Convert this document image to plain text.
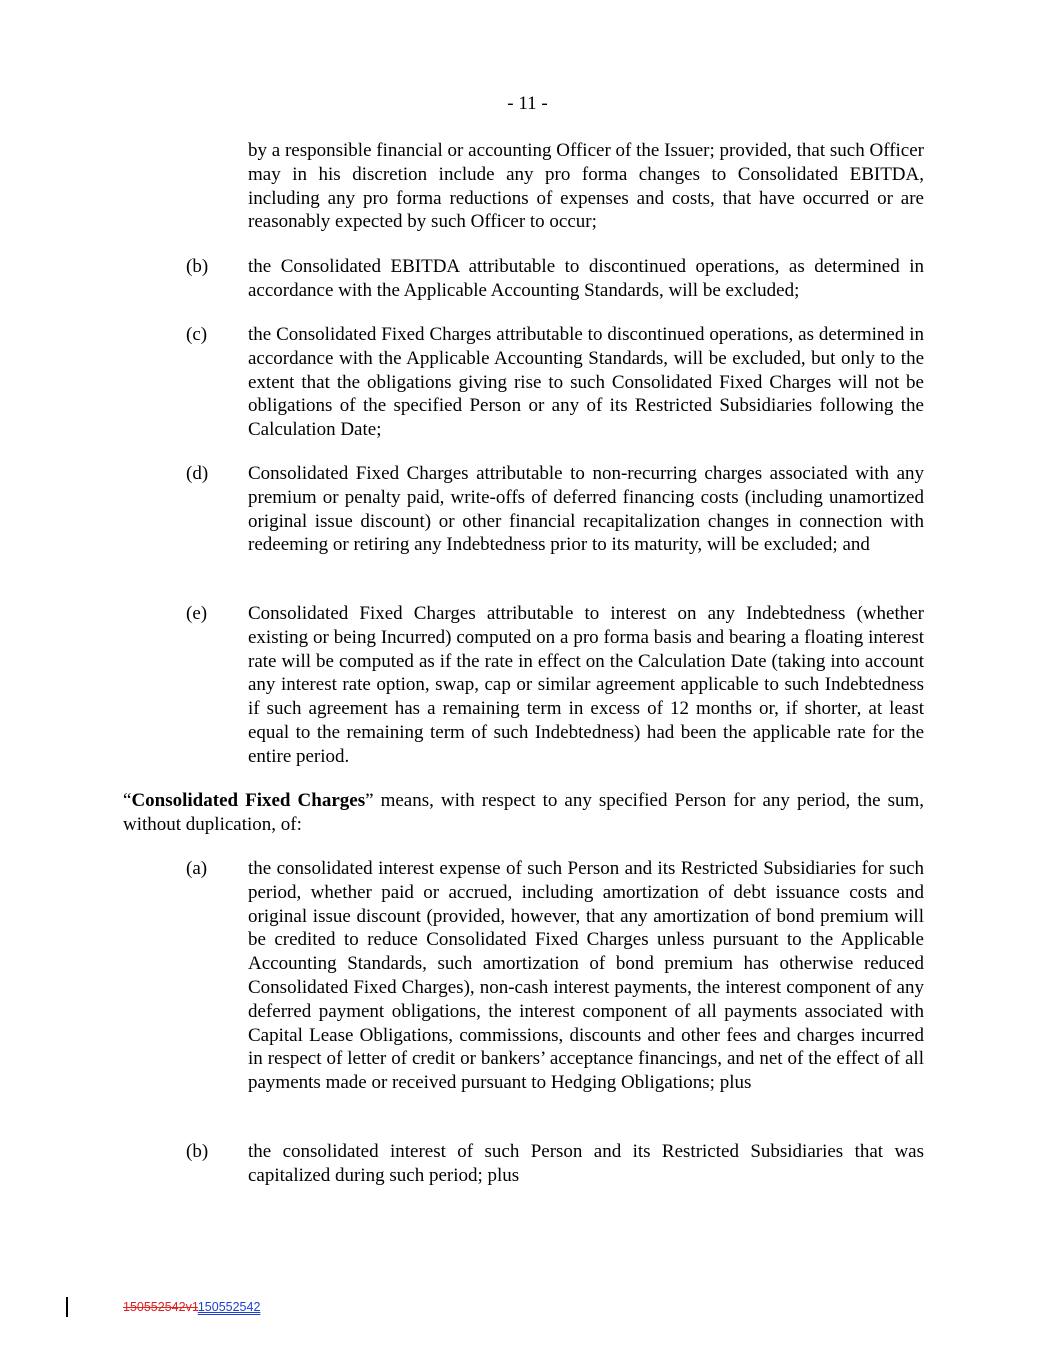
- 11 -
by a responsible financial or accounting Officer of the Issuer; provided, that such Officer may in his discretion include any pro forma changes to Consolidated EBITDA, including any pro forma reductions of expenses and costs, that have occurred or are reasonably expected by such Officer to occur;
(b) the Consolidated EBITDA attributable to discontinued operations, as determined in accordance with the Applicable Accounting Standards, will be excluded;
(c) the Consolidated Fixed Charges attributable to discontinued operations, as determined in accordance with the Applicable Accounting Standards, will be excluded, but only to the extent that the obligations giving rise to such Consolidated Fixed Charges will not be obligations of the specified Person or any of its Restricted Subsidiaries following the Calculation Date;
(d) Consolidated Fixed Charges attributable to non-recurring charges associated with any premium or penalty paid, write-offs of deferred financing costs (including unamortized original issue discount) or other financial recapitalization changes in connection with redeeming or retiring any Indebtedness prior to its maturity, will be excluded; and
(e) Consolidated Fixed Charges attributable to interest on any Indebtedness (whether existing or being Incurred) computed on a pro forma basis and bearing a floating interest rate will be computed as if the rate in effect on the Calculation Date (taking into account any interest rate option, swap, cap or similar agreement applicable to such Indebtedness if such agreement has a remaining term in excess of 12 months or, if shorter, at least equal to the remaining term of such Indebtedness) had been the applicable rate for the entire period.
“Consolidated Fixed Charges” means, with respect to any specified Person for any period, the sum, without duplication, of:
(a) the consolidated interest expense of such Person and its Restricted Subsidiaries for such period, whether paid or accrued, including amortization of debt issuance costs and original issue discount (provided, however, that any amortization of bond premium will be credited to reduce Consolidated Fixed Charges unless pursuant to the Applicable Accounting Standards, such amortization of bond premium has otherwise reduced Consolidated Fixed Charges), non-cash interest payments, the interest component of any deferred payment obligations, the interest component of all payments associated with Capital Lease Obligations, commissions, discounts and other fees and charges incurred in respect of letter of credit or bankers’ acceptance financings, and net of the effect of all payments made or received pursuant to Hedging Obligations; plus
(b) the consolidated interest of such Person and its Restricted Subsidiaries that was capitalized during such period; plus
150552542v1150552542
